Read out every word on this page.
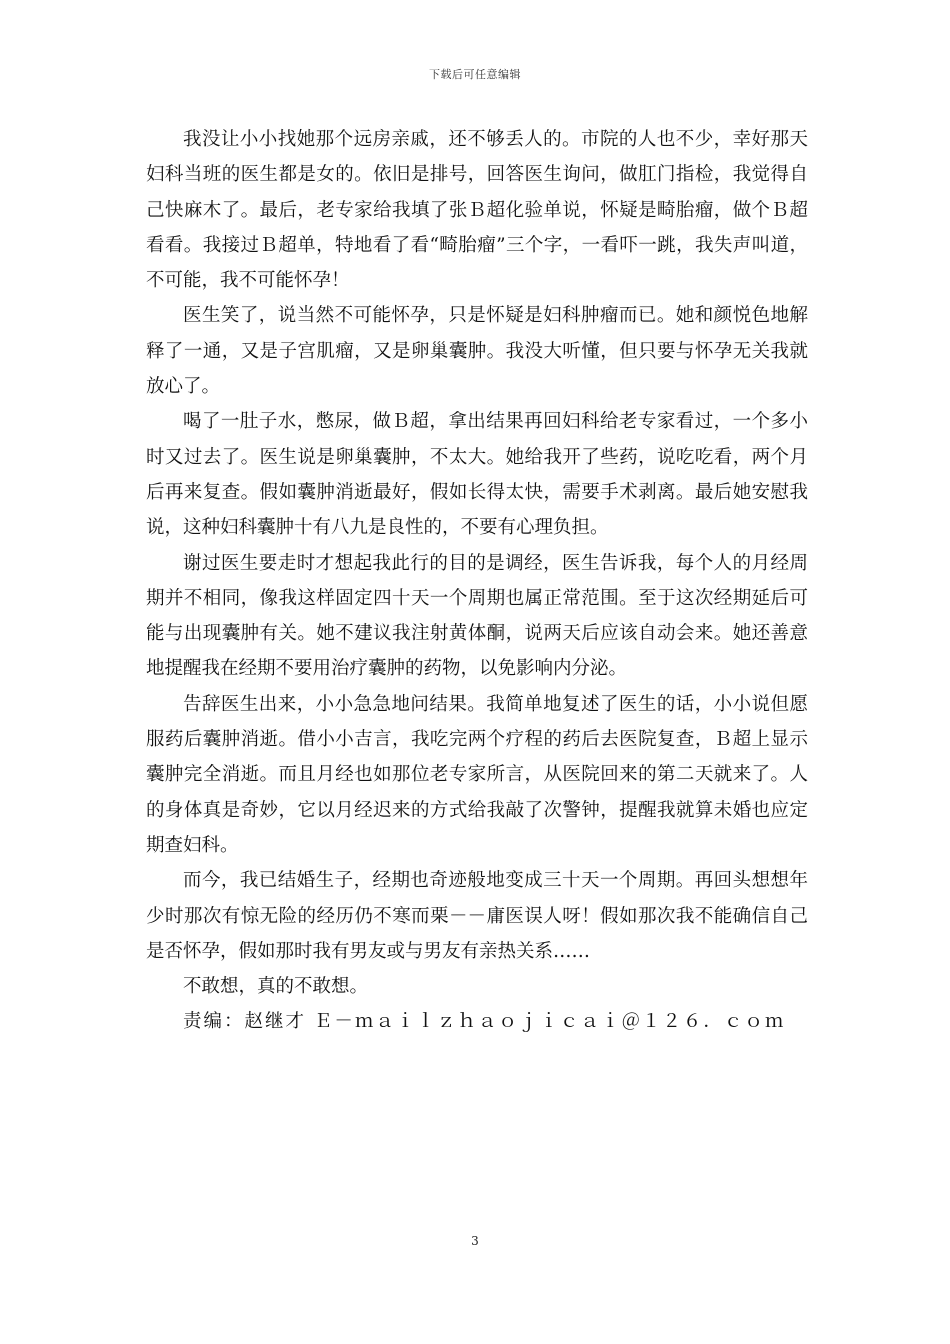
下载后可任意编辑

我没让小小找她那个远房亲戚，还不够丢人的。市院的人也不少，幸好那天妇科当班的医生都是女的。依旧是排号，回答医生询问，做肛门指检，我觉得自己快麻木了。最后，老专家给我填了张Ｂ超化验单说，怀疑是畸胎瘤，做个Ｂ超看看。我接过Ｂ超单，特地看了看“畸胎瘤”三个字，一看吓一跳，我失声叫道，不可能，我不可能怀孕！

医生笑了，说当然不可能怀孕，只是怀疑是妇科肿瘤而已。她和颜悦色地解释了一通，又是子宫肌瘤，又是卵巢囊肿。我没大听懂，但只要与怀孕无关我就放心了。

喝了一肚子水，憋尿，做Ｂ超，拿出结果再回妇科给老专家看过，一个多小时又过去了。医生说是卵巢囊肿，不太大。她给我开了些药，说吃吃看，两个月后再来复查。假如囊肿消逝最好，假如长得太快，需要手术剥离。最后她安慰我说，这种妇科囊肿十有八九是良性的，不要有心理负担。

谢过医生要走时才想起我此行的目的是调经，医生告诉我，每个人的月经周期并不相同，像我这样固定四十天一个周期也属正常范围。至于这次经期延后可能与出现囊肿有关。她不建议我注射黄体酮，说两天后应该自动会来。她还善意地提醒我在经期不要用治疗囊肿的药物，以免影响内分泌。

告辞医生出来，小小急急地问结果。我简单地复述了医生的话，小小说但愿服药后囊肿消逝。借小小吉言，我吃完两个疗程的药后去医院复查，Ｂ超上显示囊肿完全消逝。而且月经也如那位老专家所言，从医院回来的第二天就来了。人的身体真是奇妙，它以月经迟来的方式给我敲了次警钟，提醒我就算未婚也应定期查妇科。

而今，我已结婚生子，经期也奇迹般地变成三十天一个周期。再回头想想年少时那次有惊无险的经历仍不寒而栗－－庸医误人呀！假如那次我不能确信自己是否怀孕，假如那时我有男友或与男友有亲热关系……

不敢想，真的不敢想。

责编：赵继才 Ｅ－ｍａｉｌｚｈａｏｊｉｃａｉ＠１２６．ｃｏｍ

3
